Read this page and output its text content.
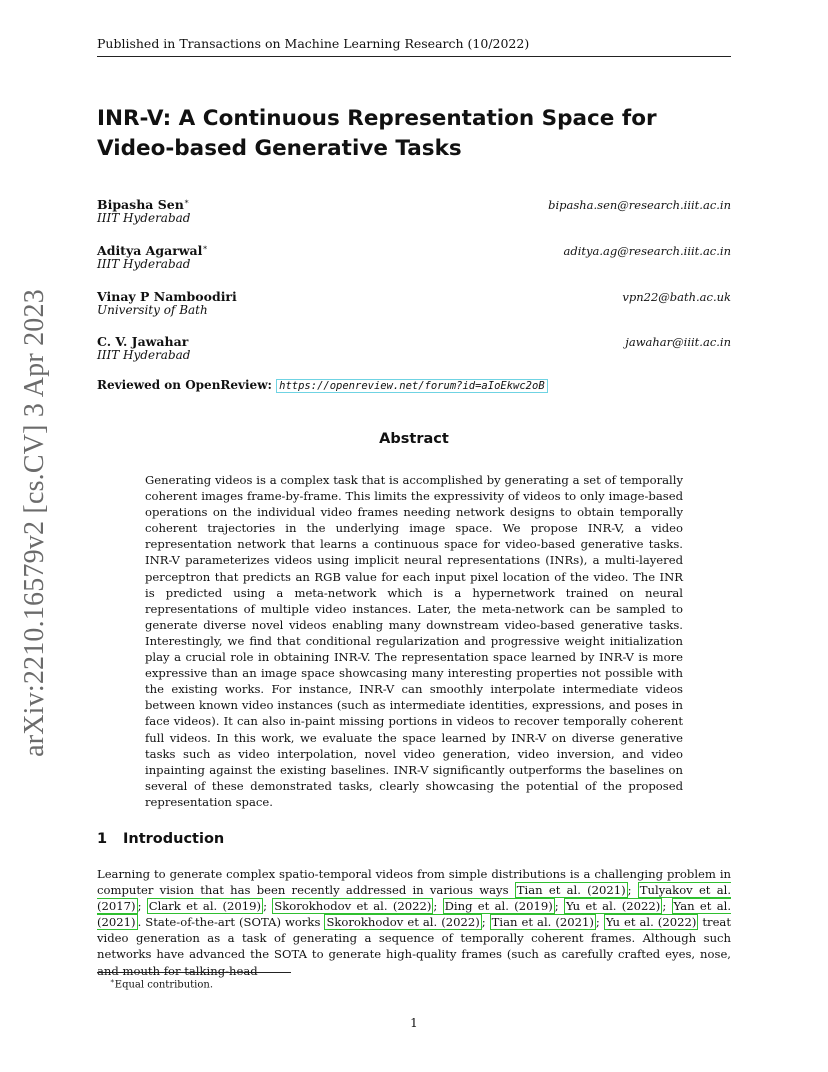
Published in Transactions on Machine Learning Research (10/2022)
arXiv:2210.16579v2 [cs.CV] 3 Apr 2023
INR-V: A Continuous Representation Space for Video-based Generative Tasks
Bipasha Sen∗
IIIT Hyderabad
bipasha.sen@research.iiit.ac.in
Aditya Agarwal∗
IIIT Hyderabad
aditya.ag@research.iiit.ac.in
Vinay P Namboodiri
University of Bath
vpn22@bath.ac.uk
C. V. Jawahar
IIIT Hyderabad
jawahar@iiit.ac.in
Reviewed on OpenReview: https://openreview.net/forum?id=aIoEkwc2oB
Abstract

Generating videos is a complex task that is accomplished by generating a set of temporally coherent images frame-by-frame. This limits the expressivity of videos to only image-based operations on the individual video frames needing network designs to obtain temporally coherent trajectories in the underlying image space. We propose INR-V, a video representation network that learns a continuous space for video-based generative tasks. INR-V parameterizes videos using implicit neural representations (INRs), a multi-layered perceptron that predicts an RGB value for each input pixel location of the video. The INR is predicted using a meta-network which is a hypernetwork trained on neural representations of multiple video instances. Later, the meta-network can be sampled to generate diverse novel videos enabling many downstream video-based generative tasks. Interestingly, we find that conditional regularization and progressive weight initialization play a crucial role in obtaining INR-V. The representation space learned by INR-V is more expressive than an image space showcasing many interesting properties not possible with the existing works. For instance, INR-V can smoothly interpolate intermediate videos between known video instances (such as intermediate identities, expressions, and poses in face videos). It can also in-paint missing portions in videos to recover temporally coherent full videos. In this work, we evaluate the space learned by INR-V on diverse generative tasks such as video interpolation, novel video generation, video inversion, and video inpainting against the existing baselines. INR-V significantly outperforms the baselines on several of these demonstrated tasks, clearly showcasing the potential of the proposed representation space.

1 Introduction

Learning to generate complex spatio-temporal videos from simple distributions is a challenging problem in computer vision that has been recently addressed in various ways Tian et al. (2021) ; Tulyakov et al. (2017) ; Clark et al. (2019) ; Skorokhodov et al. (2022) ; Ding et al. (2019) ; Yu et al. (2022) ; Yan et al. (2021) . State-of-the-art (SOTA) works Skorokhodov et al. (2022) ; Tian et al. (2021) ; Yu et al. (2022) treat video generation as a task of generating a sequence of temporally coherent frames. Although such networks have advanced the SOTA to generate high-quality frames (such as carefully crafted eyes, nose, and mouth for talking-head

∗Equal contribution.
1
